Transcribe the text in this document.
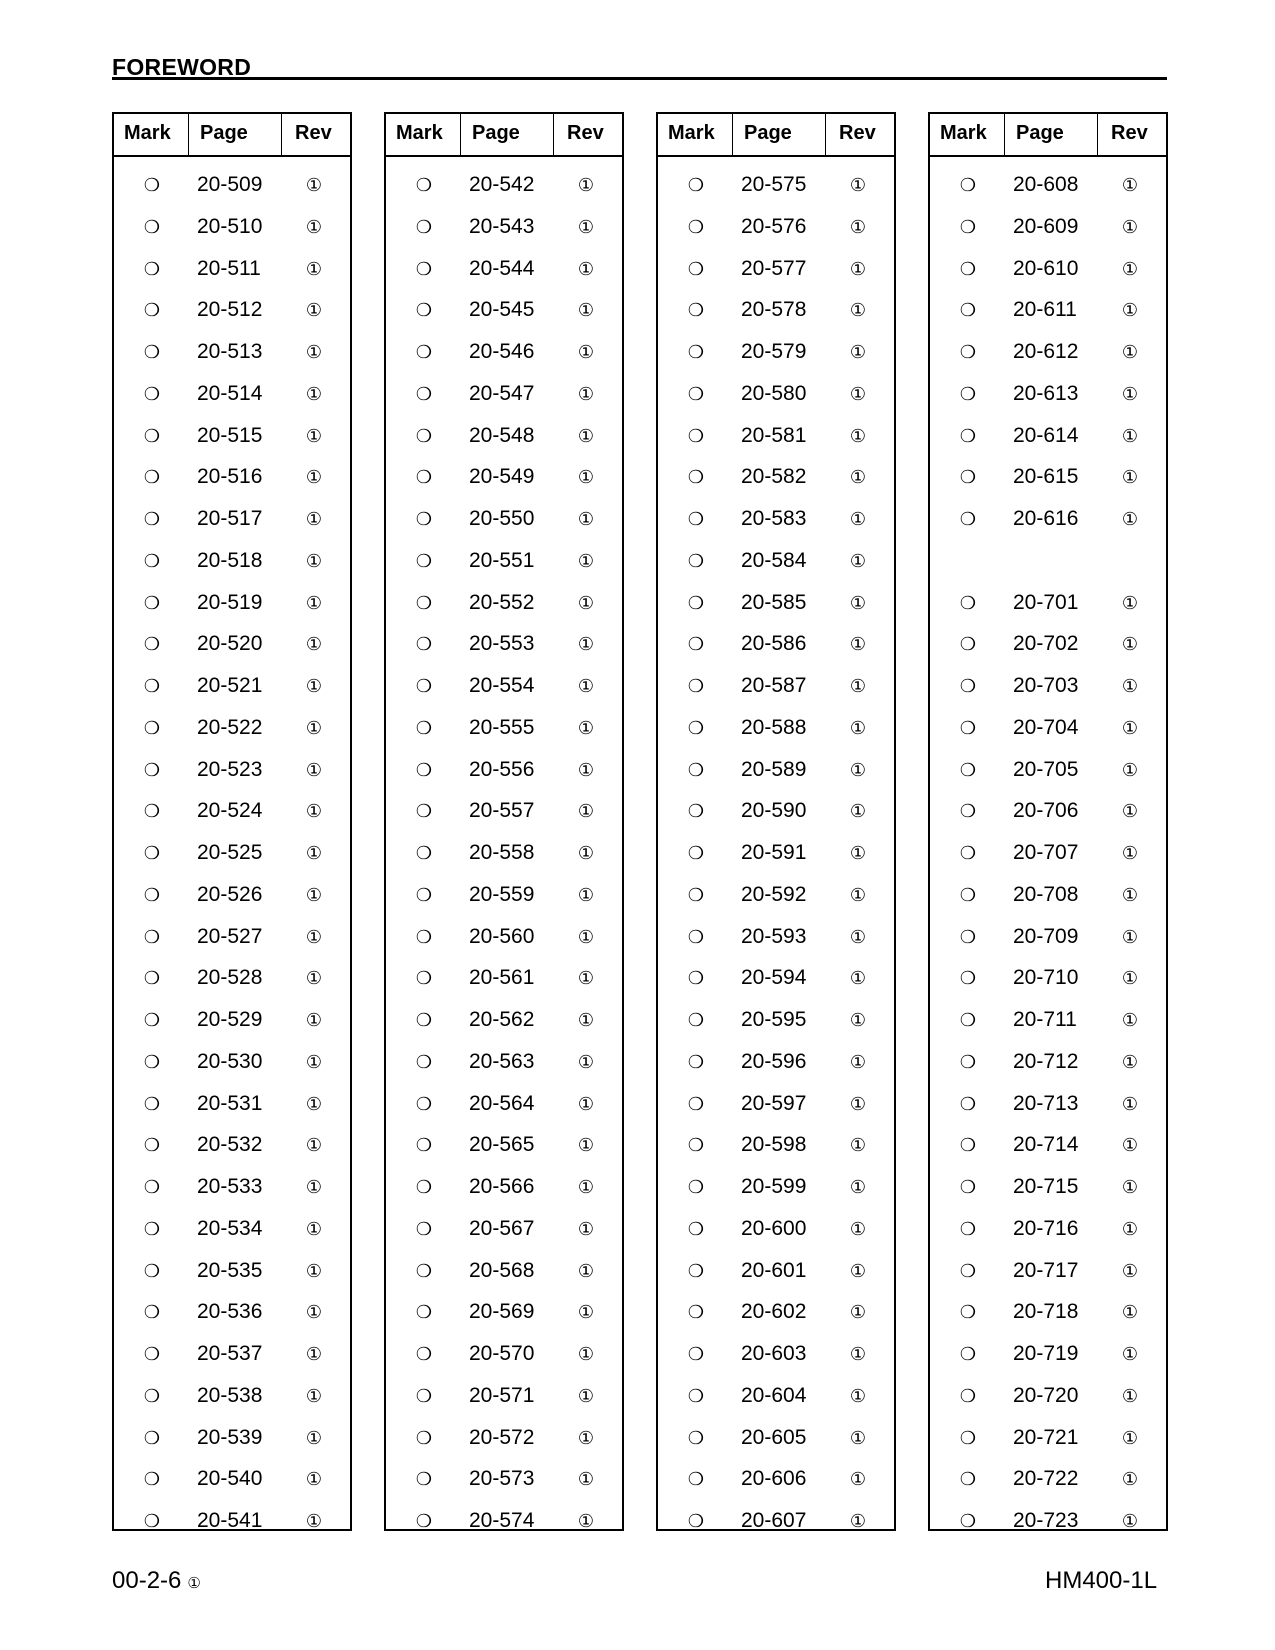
FOREWORD
Mark Page Rev
❍ 20-509 ①
❍ 20-510 ①
❍ 20-511	①
❍ 20-512 ①
❍ 20-513 ①
❍ 20-514 ①
❍ 20-515 ①
❍ 20-516 ①
❍ 20-517 ①
❍ 20-518 ①
❍ 20-519 ①
❍ 20-520 ①
❍ 20-521 ①
❍ 20-522 ①
❍ 20-523 ①
❍ 20-524 ①
❍ 20-525 ①
❍ 20-526 ①
❍ 20-527 ①
❍ 20-528 ①
❍ 20-529 ①
❍ 20-530 ①
❍ 20-531 ①
❍ 20-532 ①
❍ 20-533 ①
❍ 20-534 ①
❍ 20-535 ①
❍ 20-536 ①
❍ 20-537 ①
❍ 20-538 ①
❍ 20-539 ①
❍ 20-540 ①
❍ 20-541 ①
Mark Page Rev
❍ 20-542 ①
❍ 20-543 ①
❍ 20-544 ①
❍ 20-545 ①
❍ 20-546 ①
❍ 20-547 ①
❍ 20-548 ①
❍ 20-549 ①
❍ 20-550 ①
❍ 20-551 ①
❍ 20-552 ①
❍ 20-553 ①
❍ 20-554 ①
❍ 20-555 ①
❍ 20-556 ①
❍ 20-557 ①
❍ 20-558 ①
❍ 20-559 ①
❍ 20-560 ①
❍ 20-561 ①
❍ 20-562 ①
❍ 20-563 ①
❍ 20-564 ①
❍ 20-565 ①
❍ 20-566 ①
❍ 20-567 ①
❍ 20-568 ①
❍ 20-569 ①
❍ 20-570 ①
❍ 20-571 ①
❍ 20-572 ①
❍ 20-573 ①
❍ 20-574 ①
Mark Page Rev
❍ 20-575 ①
❍ 20-576 ①
❍ 20-577 ①
❍ 20-578 ①
❍ 20-579 ①
❍ 20-580 ①
❍ 20-581 ①
❍ 20-582 ①
❍ 20-583 ①
❍ 20-584 ①
❍ 20-585 ①
❍ 20-586 ①
❍ 20-587 ①
❍ 20-588 ①
❍ 20-589 ①
❍ 20-590 ①
❍ 20-591 ①
❍ 20-592 ①
❍ 20-593 ①
❍ 20-594 ①
❍ 20-595 ①
❍ 20-596 ①
❍ 20-597 ①
❍ 20-598 ①
❍ 20-599 ①
❍ 20-600 ①
❍ 20-601 ①
❍ 20-602 ①
❍ 20-603 ①
❍ 20-604 ①
❍ 20-605 ①
❍ 20-606 ①
❍ 20-607 ①
Mark Page Rev
❍ 20-608 ①
❍ 20-609 ①
❍ 20-610 ①
❍ 20-611	①
❍ 20-612 ①
❍ 20-613 ①
❍ 20-614 ①
❍ 20-615 ①
❍ 20-616 ①
❍ 20-701 ①
❍ 20-702 ①
❍ 20-703 ①
❍ 20-704 ①
❍ 20-705 ①
❍ 20-706 ①
❍ 20-707 ①
❍ 20-708 ①
❍ 20-709 ①
❍ 20-710 ①
❍ 20-711	①
❍ 20-712 ①
❍ 20-713 ①
❍ 20-714 ①
❍ 20-715 ①
❍ 20-716 ①
❍ 20-717 ①
❍ 20-718 ①
❍ 20-719 ①
❍ 20-720 ①
❍ 20-721 ①
❍ 20-722 ①
❍ 20-723 ①
00-2-6 ①	HM400-1L
